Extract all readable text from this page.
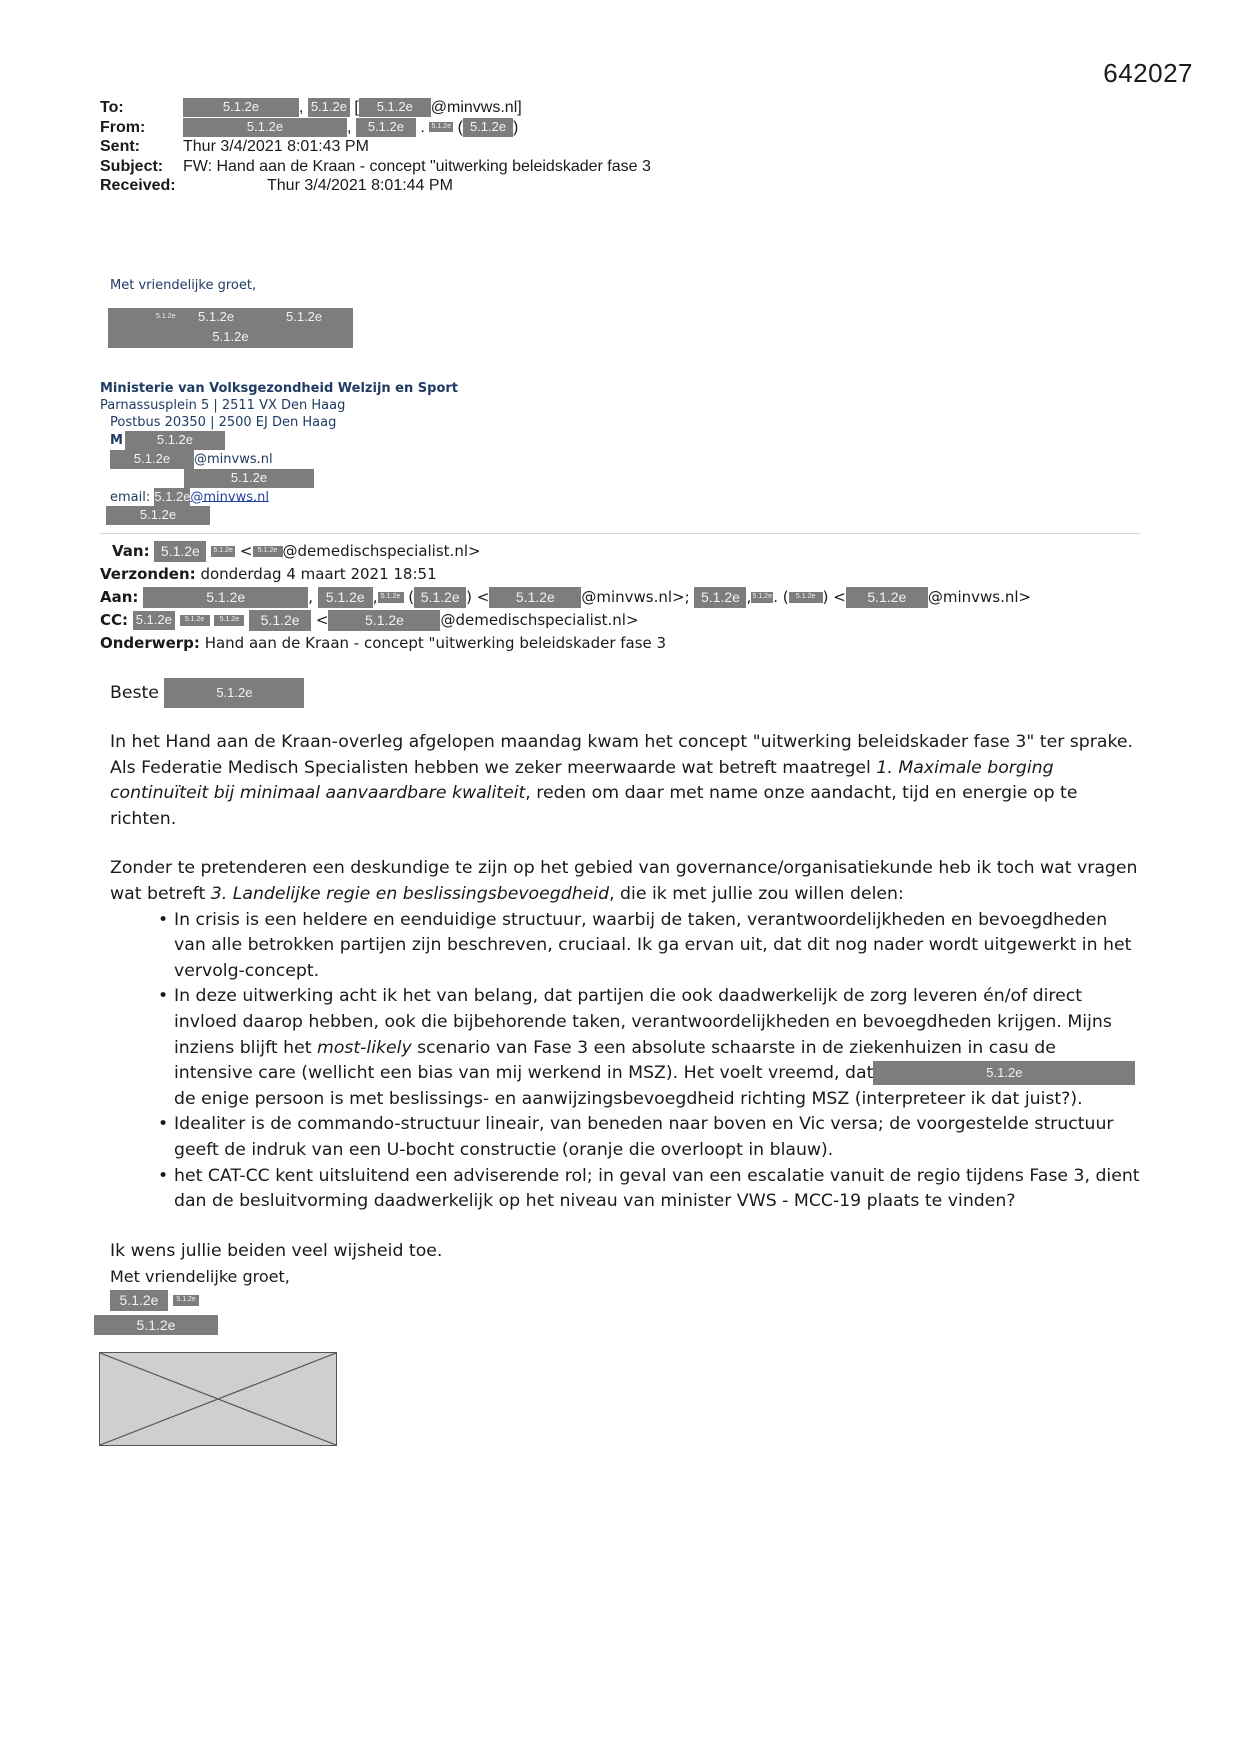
642027
To:	5.1.2e , 5.1.2e [ 5.1.2e @minvws.nl]
From:	5.1.2e	, 5.1.2e . 5.1.2e ( 5.1.2e )
Sent:	Thur 3/4/2021 8:01:43 PM
Subject: FW: Hand aan de Kraan - concept "uitwerking beleidskader fase 3
Received:	Thur 3/4/2021 8:01:44 PM
Met vriendelijke groet,
5.1.2e 5.1.2e	5.1.2e
5.1.2e
Ministerie van Volksgezondheid Welzijn en Sport
Parnassusplein 5 | 2511 VX Den Haag
Postbus 20350 | 2500 EJ Den Haag
M	5.1.2e
5.1.2e @minvws.nl
5.1.2e
email: 5.1.2e@minvws.nl
5.1.2e
Van: 5.1.2e 5.1.2e < 5.1.2e @demedischspecialist.nl>
Verzonden: donderdag 4 maart 2021 18:51
Aan:	5.1.2e	, 5.1.2e , 5.1.2e ( 5.1.2e ) < 5.1.2e @minvws.nl>; 5.1.2e ,5.1.2e. ( 5.1.2e ) < 5.1.2e @minvws.nl>
CC: 5.1.2e 5.1.2e 5.1.2e 5.1.2e <	5.1.2e @demedischspecialist.nl>
Onderwerp: Hand aan de Kraan - concept "uitwerking beleidskader fase 3

Beste	5.1.2e

In het Hand aan de Kraan-overleg afgelopen maandag kwam het concept "uitwerking beleidskader fase 3" ter sprake. Als Federatie Medisch Specialisten hebben we zeker meerwaarde wat betreft maatregel 1. Maximale borging continuïteit bij minimaal aanvaardbare kwaliteit, reden om daar met name onze aandacht, tijd en energie op te richten.

Zonder te pretenderen een deskundige te zijn op het gebied van governance/organisatiekunde heb ik toch wat vragen wat betreft 3. Landelijke regie en beslissingsbevoegdheid, die ik met jullie zou willen delen:

• In crisis is een heldere en eenduidige structuur, waarbij de taken, verantwoordelijkheden en bevoegdheden van alle betrokken partijen zijn beschreven, cruciaal. Ik ga ervan uit, dat dit nog nader wordt uitgewerkt in het vervolg-concept.
• In deze uitwerking acht ik het van belang, dat partijen die ook daadwerkelijk de zorg leveren én/of direct invloed daarop hebben, ook die bijbehorende taken, verantwoordelijkheden en bevoegdheden krijgen. Mijns inziens blijft het most-likely scenario van Fase 3 een absolute schaarste in de ziekenhuizen in casu de intensive care (wellicht een bias van mij werkend in MSZ). Het voelt vreemd, dat	5.1.2ede enige persoon is met beslissings- en aanwijzingsbevoegdheid richting MSZ (interpreteer ik dat juist?).
• Idealiter is de commando-structuur lineair, van beneden naar boven en Vic versa; de voorgestelde structuur geeft de indruk van een U-bocht constructie (oranje die overloopt in blauw).
• het CAT-CC kent uitsluitend een adviserende rol; in geval van een escalatie vanuit de regio tijdens Fase 3, dient dan de besluitvorming daadwerkelijk op het niveau van minister VWS - MCC-19 plaats te vinden?

Ik wens jullie beiden veel wijsheid toe.

Met vriendelijke groet,
5.1.2e	5.1.2e
5.1.2e
